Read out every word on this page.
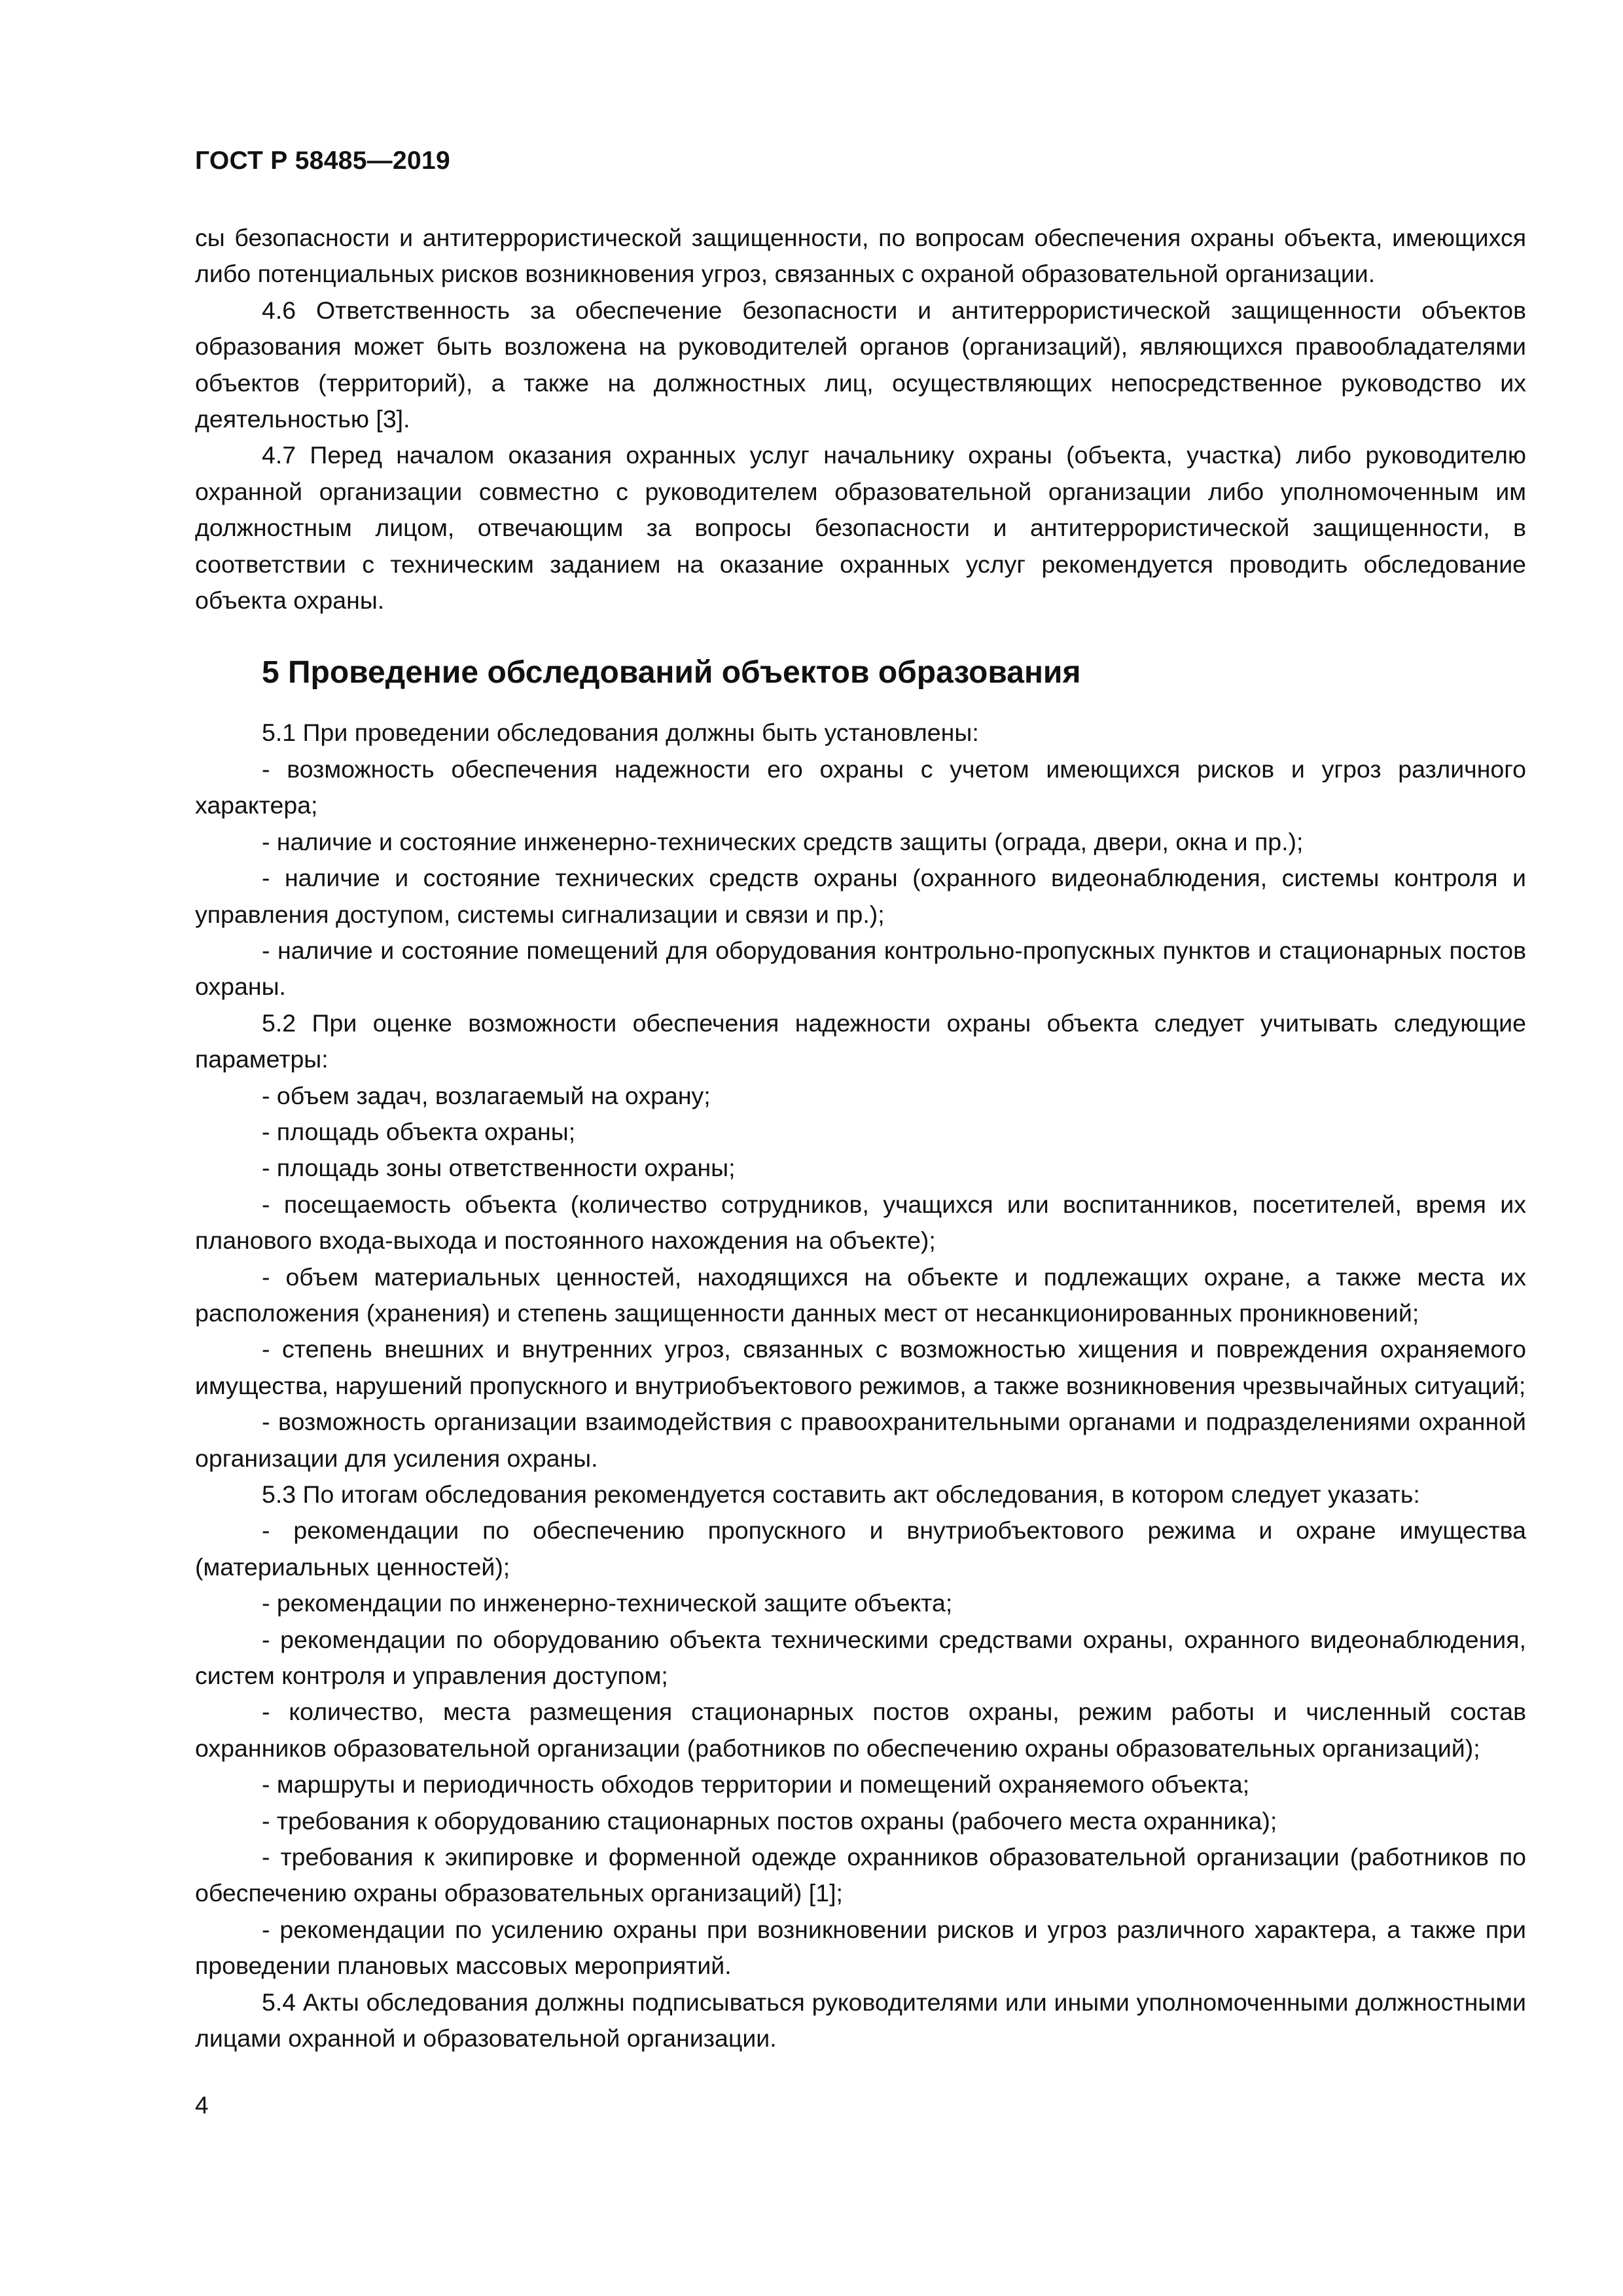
ГОСТ Р 58485—2019

сы безопасности и антитеррористической защищенности, по вопросам обеспечения охраны объекта, имеющихся либо потенциальных рисков возникновения угроз, связанных с охраной образовательной организации.

4.6 Ответственность за обеспечение безопасности и антитеррористической защищенности объектов образования может быть возложена на руководителей органов (организаций), являющихся правообладателями объектов (территорий), а также на должностных лиц, осуществляющих непосредственное руководство их деятельностью [3].

4.7 Перед началом оказания охранных услуг начальнику охраны (объекта, участка) либо руководителю охранной организации совместно с руководителем образовательной организации либо уполномоченным им должностным лицом, отвечающим за вопросы безопасности и антитеррористической защищенности, в соответствии с техническим заданием на оказание охранных услуг рекомендуется проводить обследование объекта охраны.

5 Проведение обследований объектов образования

5.1 При проведении обследования должны быть установлены:

- возможность обеспечения надежности его охраны с учетом имеющихся рисков и угроз различного характера;

- наличие и состояние инженерно-технических средств защиты (ограда, двери, окна и пр.);

- наличие и состояние технических средств охраны (охранного видеонаблюдения, системы контроля и управления доступом, системы сигнализации и связи и пр.);

- наличие и состояние помещений для оборудования контрольно-пропускных пунктов и стационарных постов охраны.

5.2 При оценке возможности обеспечения надежности охраны объекта следует учитывать следующие параметры:

- объем задач, возлагаемый на охрану;

- площадь объекта охраны;

- площадь зоны ответственности охраны;

- посещаемость объекта (количество сотрудников, учащихся или воспитанников, посетителей, время их планового входа-выхода и постоянного нахождения на объекте);

- объем материальных ценностей, находящихся на объекте и подлежащих охране, а также места их расположения (хранения) и степень защищенности данных мест от несанкционированных проникновений;

- степень внешних и внутренних угроз, связанных с возможностью хищения и повреждения охраняемого имущества, нарушений пропускного и внутриобъектового режимов, а также возникновения чрезвычайных ситуаций;

- возможность организации взаимодействия с правоохранительными органами и подразделениями охранной организации для усиления охраны.

5.3 По итогам обследования рекомендуется составить акт обследования, в котором следует указать:

- рекомендации по обеспечению пропускного и внутриобъектового режима и охране имущества (материальных ценностей);

- рекомендации по инженерно-технической защите объекта;

- рекомендации по оборудованию объекта техническими средствами охраны, охранного видеонаблюдения, систем контроля и управления доступом;

- количество, места размещения стационарных постов охраны, режим работы и численный состав охранников образовательной организации (работников по обеспечению охраны образовательных организаций);

- маршруты и периодичность обходов территории и помещений охраняемого объекта;

- требования к оборудованию стационарных постов охраны (рабочего места охранника);

- требования к экипировке и форменной одежде охранников образовательной организации (работников по обеспечению охраны образовательных организаций) [1];

- рекомендации по усилению охраны при возникновении рисков и угроз различного характера, а также при проведении плановых массовых мероприятий.

5.4 Акты обследования должны подписываться руководителями или иными уполномоченными должностными лицами охранной и образовательной организации.

4
